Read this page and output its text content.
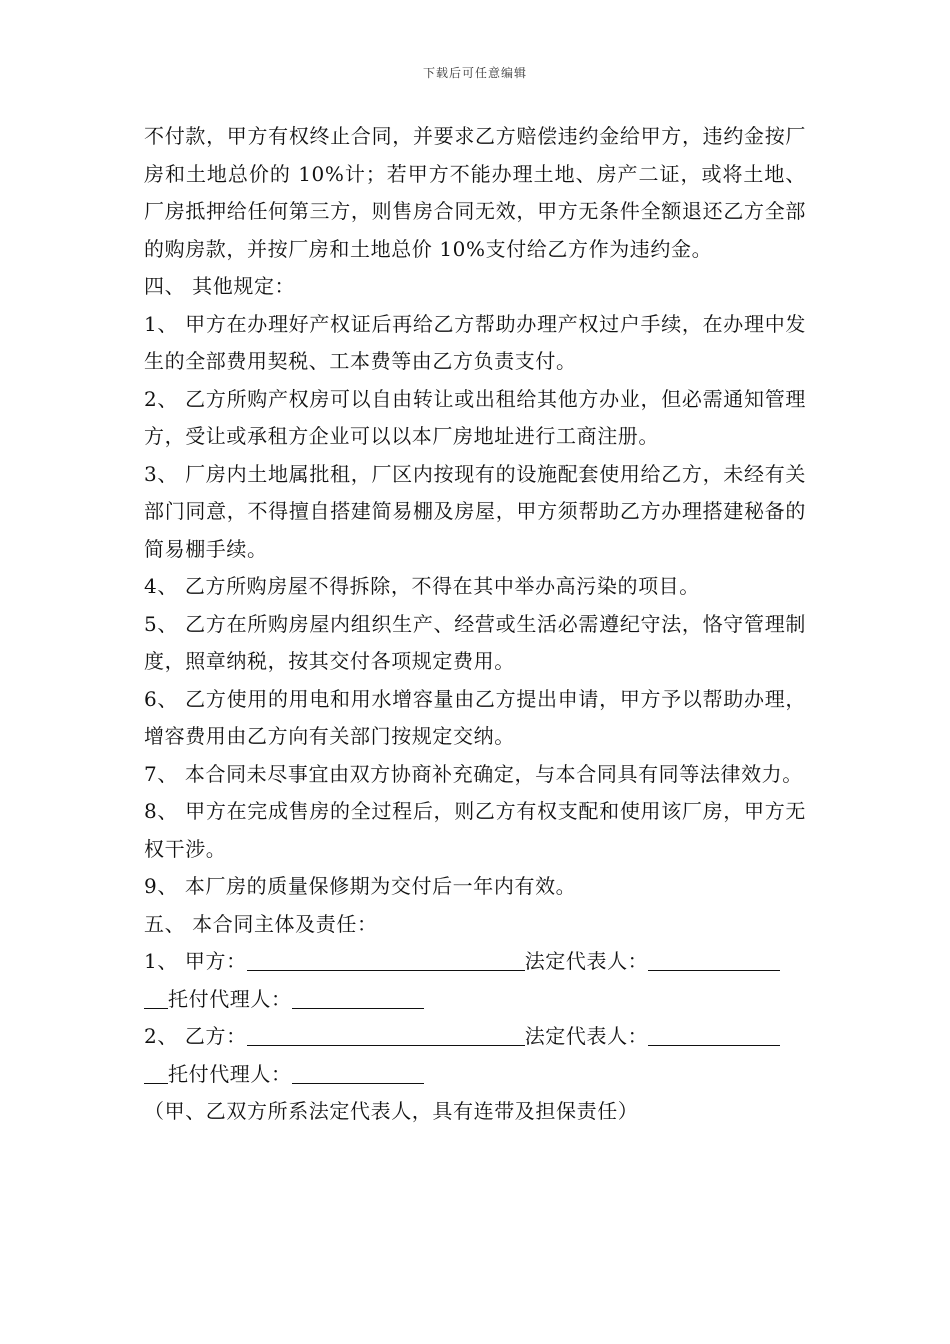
下载后可任意编辑

不付款，甲方有权终止合同，并要求乙方赔偿违约金给甲方，违约金按厂房和土地总价的 10%计；若甲方不能办理土地、房产二证，或将土地、厂房抵押给任何第三方，则售房合同无效，甲方无条件全额退还乙方全部的购房款，并按厂房和土地总价 10%支付给乙方作为违约金。

四、 其他规定：

1、 甲方在办理好产权证后再给乙方帮助办理产权过户手续，在办理中发生的全部费用契税、工本费等由乙方负责支付。

2、 乙方所购产权房可以自由转让或出租给其他方办业，但必需通知管理方，受让或承租方企业可以以本厂房地址进行工商注册。

3、 厂房内土地属批租，厂区内按现有的设施配套使用给乙方，未经有关部门同意，不得擅自搭建简易棚及房屋，甲方须帮助乙方办理搭建秘备的简易棚手续。

4、 乙方所购房屋不得拆除，不得在其中举办高污染的项目。

5、 乙方在所购房屋内组织生产、经营或生活必需遵纪守法，恪守管理制度，照章纳税，按其交付各项规定费用。

6、 乙方使用的用电和用水增容量由乙方提出申请，甲方予以帮助办理，增容费用由乙方向有关部门按规定交纳。

7、 本合同未尽事宜由双方协商补充确定，与本合同具有同等法律效力。

8、 甲方在完成售房的全过程后，则乙方有权支配和使用该厂房，甲方无权干涉。

9、 本厂房的质量保修期为交付后一年内有效。

五、 本合同主体及责任：

1、 甲方：	法定代表人：

托付代理人：

2、 乙方：	法定代表人：

托付代理人：

（甲、乙双方所系法定代表人，具有连带及担保责任）
